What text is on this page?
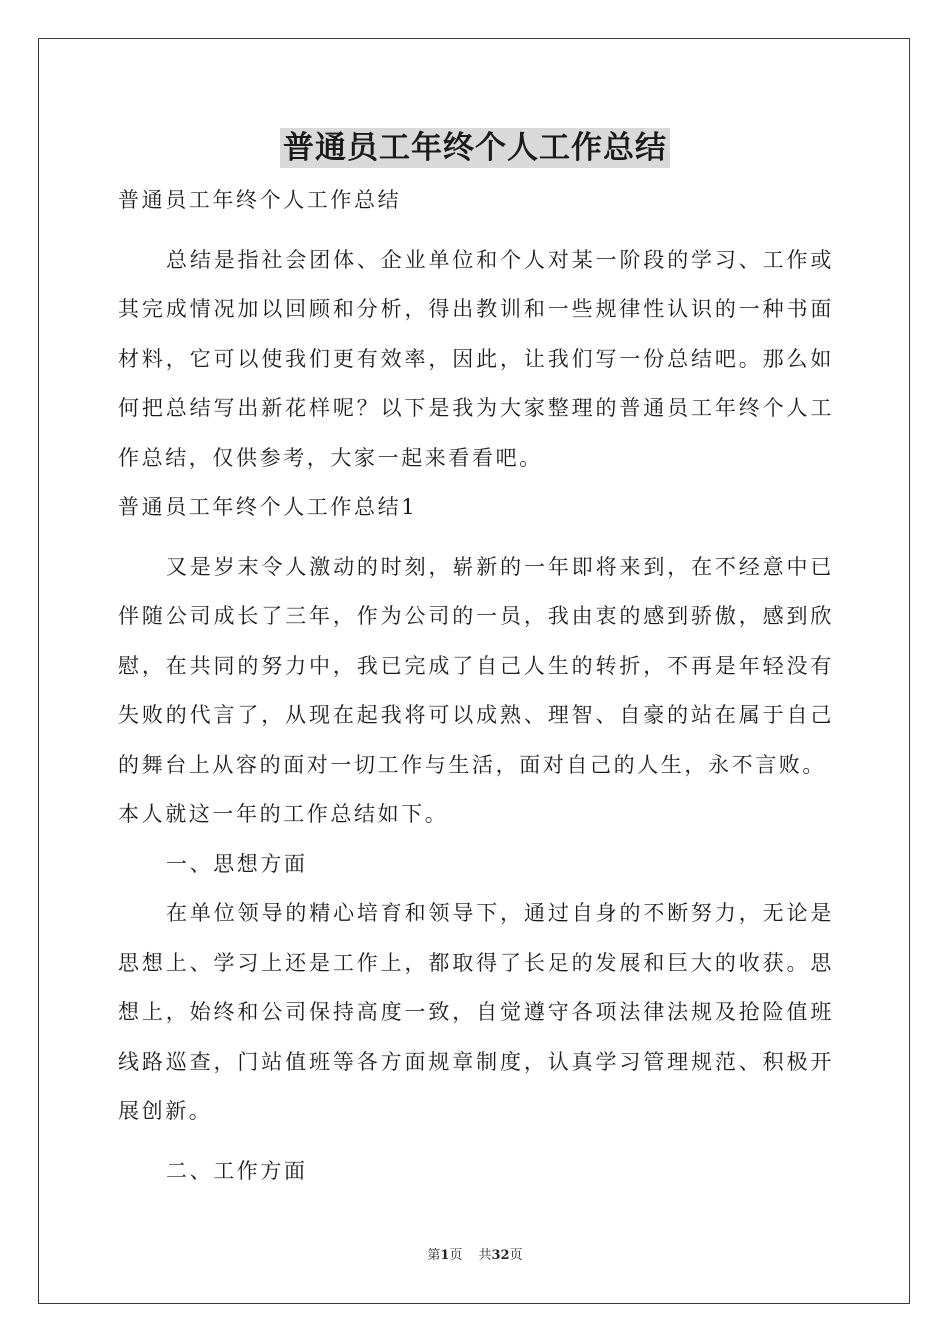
普通员工年终个人工作总结

普通员工年终个人工作总结

总结是指社会团体、企业单位和个人对某一阶段的学习、工作或其完成情况加以回顾和分析，得出教训和一些规律性认识的一种书面材料，它可以使我们更有效率，因此，让我们写一份总结吧。那么如何把总结写出新花样呢？以下是我为大家整理的普通员工年终个人工作总结，仅供参考，大家一起来看看吧。

普通员工年终个人工作总结1

又是岁末令人激动的时刻，崭新的一年即将来到，在不经意中已伴随公司成长了三年，作为公司的一员，我由衷的感到骄傲，感到欣慰，在共同的努力中，我已完成了自己人生的转折，不再是年轻没有失败的代言了，从现在起我将可以成熟、理智、自豪的站在属于自己的舞台上从容的面对一切工作与生活，面对自己的人生，永不言败。

本人就这一年的工作总结如下。

一、思想方面

在单位领导的精心培育和领导下，通过自身的不断努力，无论是思想上、学习上还是工作上，都取得了长足的发展和巨大的收获。思想上，始终和公司保持高度一致，自觉遵守各项法律法规及抢险值班线路巡查，门站值班等各方面规章制度，认真学习管理规范、积极开展创新。

二、工作方面

第1页 共32页
